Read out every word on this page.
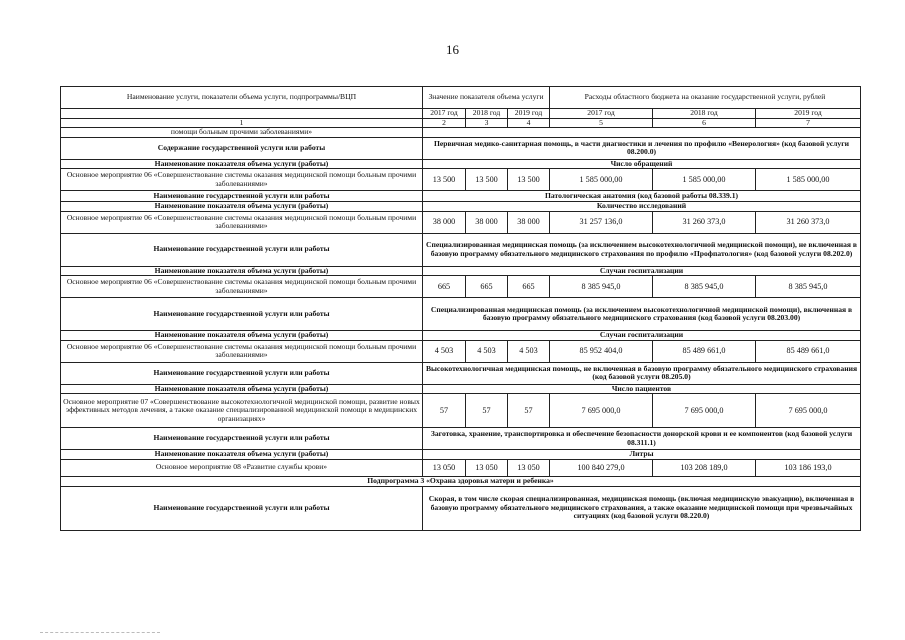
16
Наименование услуги, показатели объема услуги, подпрограммы/ВЦП	Значение показателя объема услуги			Расходы областного бюджета на оказание государственной услуги, рублей		

	2017 год	2018 год	2019 год	2017 год	2018 год	2019 год
1	2	3	4	5	6	7
помощи больным прочими заболеваниями»						
Содержание государственной услуги или работы	Первичная медико-санитарная помощь, в части диагностики и лечения по профилю «Венерология» (код базовой услуги 08.200.0)					
Наименование показателя объема услуги (работы)	Число обращений					
Основное мероприятие 06 «Совершенствование системы оказания медицинской помощи больным прочими заболеваниями»	13 500	13 500	13 500	1 585 000,00	1 585 000,00	1 585 000,00
Наименование государственной услуги или работы	Патологическая анатомия (код базовой работы 08.339.1)					
Наименование показателя объема услуги (работы)	Количество исследований					
Основное мероприятие 06 «Совершенствование системы оказания медицинской помощи больным прочими заболеваниями»	38 000	38 000	38 000	31 257 136,0	31 260 373,0	31 260 373,0
Наименование государственной услуги или работы	Специализированная медицинская помощь (за исключением высокотехнологичной медицинской помощи), не включенная в базовую программу обязательного медицинского страхования по профилю «Профпатология» (код базовой услуги 08.202.0)					
Наименование показателя объема услуги (работы)	Случаи госпитализации					
Основное мероприятие 06 «Совершенствование системы оказания медицинской помощи больным прочими заболеваниями»	665	665	665	8 385 945,0	8 385 945,0	8 385 945,0
Наименование государственной услуги или работы	Специализированная медицинская помощь (за исключением высокотехнологичной медицинской помощи), включенная в базовую программу обязательного медицинского страхования (код базовой услуги 08.203.00)					
Наименование показателя объема услуги (работы)	Случаи госпитализации					
Основное мероприятие 06 «Совершенствование системы оказания медицинской помощи больным прочими заболеваниями»	4 503	4 503	4 503	85 952 404,0	85 489 661,0	85 489 661,0
Наименование государственной услуги или работы	Высокотехнологичная медицинская помощь, не включенная в базовую программу обязательного медицинского страхования (код базовой услуги 08.205.0)					
Наименование показателя объема услуги (работы)	Число пациентов					
Основное мероприятие 07 «Совершенствование высокотехнологичной медицинской помощи, развитие новых эффективных методов лечения, а также оказание специализированной медицинской помощи в медицинских организациях»	57	57	57	7 695 000,0	7 695 000,0	7 695 000,0
Наименование государственной услуги или работы	Заготовка, хранение, транспортировка и обеспечение безопасности донорской крови и ее компонентов (код базовой услуги 08.311.1)					
Наименование показателя объема услуги (работы)	Литры					
Основное мероприятие 08 «Развитие службы крови»	13 050	13 050	13 050	100 840 279,0	103 208 189,0	103 186 193,0
Подпрограмма 3 «Охрана здоровья матери и ребенка»						
Наименование государственной услуги или работы	Скорая, в том числе скорая специализированная, медицинская помощь (включая медицинскую эвакуацию), включенная в базовую программу обязательного медицинского страхования, а также оказание медицинской помощи при чрезвычайных ситуациях (код базовой услуги 08.220.0)					
